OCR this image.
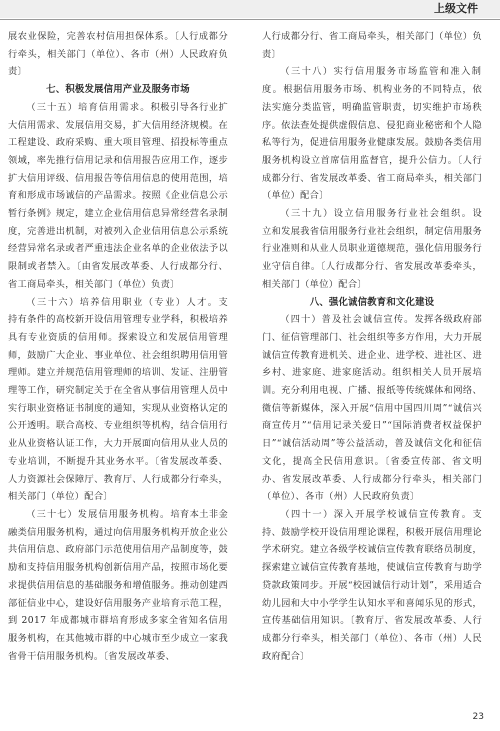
上级文件

展农业保险，完善农村信用担保体系。〔人行成都分行牵头，相关部门（单位）、各市（州）人民政府负责〕

七、积极发展信用产业及服务市场

（三十五）培育信用需求。积极引导各行业扩大信用需求、发展信用交易，扩大信用经济规模。在工程建设、政府采购、重大项目管理、招投标等重点领域，率先推行信用记录和信用报告应用工作，逐步扩大信用评级、信用报告等信用信息的使用范围，培育和形成市场诚信的产品需求。按照《企业信息公示暂行条例》规定，建立企业信用信息异常经营名录制度，完善进出机制，对被列入企业信用信息公示系统经营异常名录或者严重违法企业名单的企业依法予以限制或者禁入。〔由省发展改革委、人行成都分行、省工商局牵头，相关部门（单位）负责〕

（三十六）培养信用职业（专业）人才。支持有条件的高校新开设信用管理专业学科，积极培养具有专业资质的信用师。探索设立和发展信用管理师，鼓励广大企业、事业单位、社会组织聘用信用管理师。建立并规范信用管理师的培训、发证、注册管理等工作，研究制定关于在全省从事信用管理人员中实行职业资格证书制度的通知，实现从业资格认定的公开透明。联合高校、专业组织等机构，结合信用行业从业资格认证工作，大力开展面向信用从业人员的专业培训，不断提升其业务水平。〔省发展改革委、人力资源社会保障厅、教育厅、人行成都分行牵头，相关部门（单位）配合〕

（三十七）发展信用服务机构。培育本土非金融类信用服务机构，通过向信用服务机构开放企业公共信用信息、政府部门示范使用信用产品制度等，鼓励和支持信用服务机构创新信用产品，按照市场化要求提供信用信息的基础服务和增值服务。推动创建西部征信业中心，建设好信用服务产业培育示范工程，到 2017 年成都城市群培育形成多家全省知名信用服务机构，在其他城市群的中心城市至少成立一家我省骨干信用服务机构。〔省发展改革委、

人行成都分行、省工商局牵头，相关部门（单位）负责〕

（三十八）实行信用服务市场监管和准入制度。根据信用服务市场、机构业务的不同特点，依法实施分类监管，明确监管职责，切实维护市场秩序。依法查处提供虚假信息、侵犯商业秘密和个人隐私等行为，促进信用服务业健康发展。鼓励各类信用服务机构设立首席信用监督官，提升公信力。〔人行成都分行、省发展改革委、省工商局牵头，相关部门（单位）配合〕

（三十九）设立信用服务行业社会组织。设立和发展我省信用服务行业社会组织，制定信用服务行业准则和从业人员职业道德规范，强化信用服务行业守信自律。〔人行成都分行、省发展改革委牵头，相关部门（单位）配合〕

八、强化诚信教育和文化建设

（四十）普及社会诚信宣传。发挥各级政府部门、征信管理部门、社会组织等多方作用，大力开展诚信宣传教育进机关、进企业、进学校、进社区、进乡村、进家庭、进家庭活动。组织相关人员开展培训。充分利用电视、广播、报纸等传统媒体和网络、微信等新媒体，深入开展“信用中国四川周”“诚信兴商宣传月”“信用记录关爱日”“国际消费者权益保护日”“诚信活动周”等公益活动，普及诚信文化和征信文化，提高全民信用意识。〔省委宣传部、省文明办、省发展改革委、人行成都分行牵头，相关部门（单位）、各市（州）人民政府负责〕

（四十一）深入开展学校诚信宣传教育。支持、鼓励学校开设信用理论课程，积极开展信用理论学术研究。建立各级学校诚信宣传教育联络员制度，探索建立诚信宣传教育基地，使诚信宣传教育与助学贷款政策同步。开展“校园诚信行动计划”，采用适合幼儿园和大中小学学生认知水平和喜闻乐见的形式，宣传基础信用知识。〔教育厅、省发展改革委、人行成都分行牵头，相关部门（单位）、各市（州）人民政府配合〕

23
